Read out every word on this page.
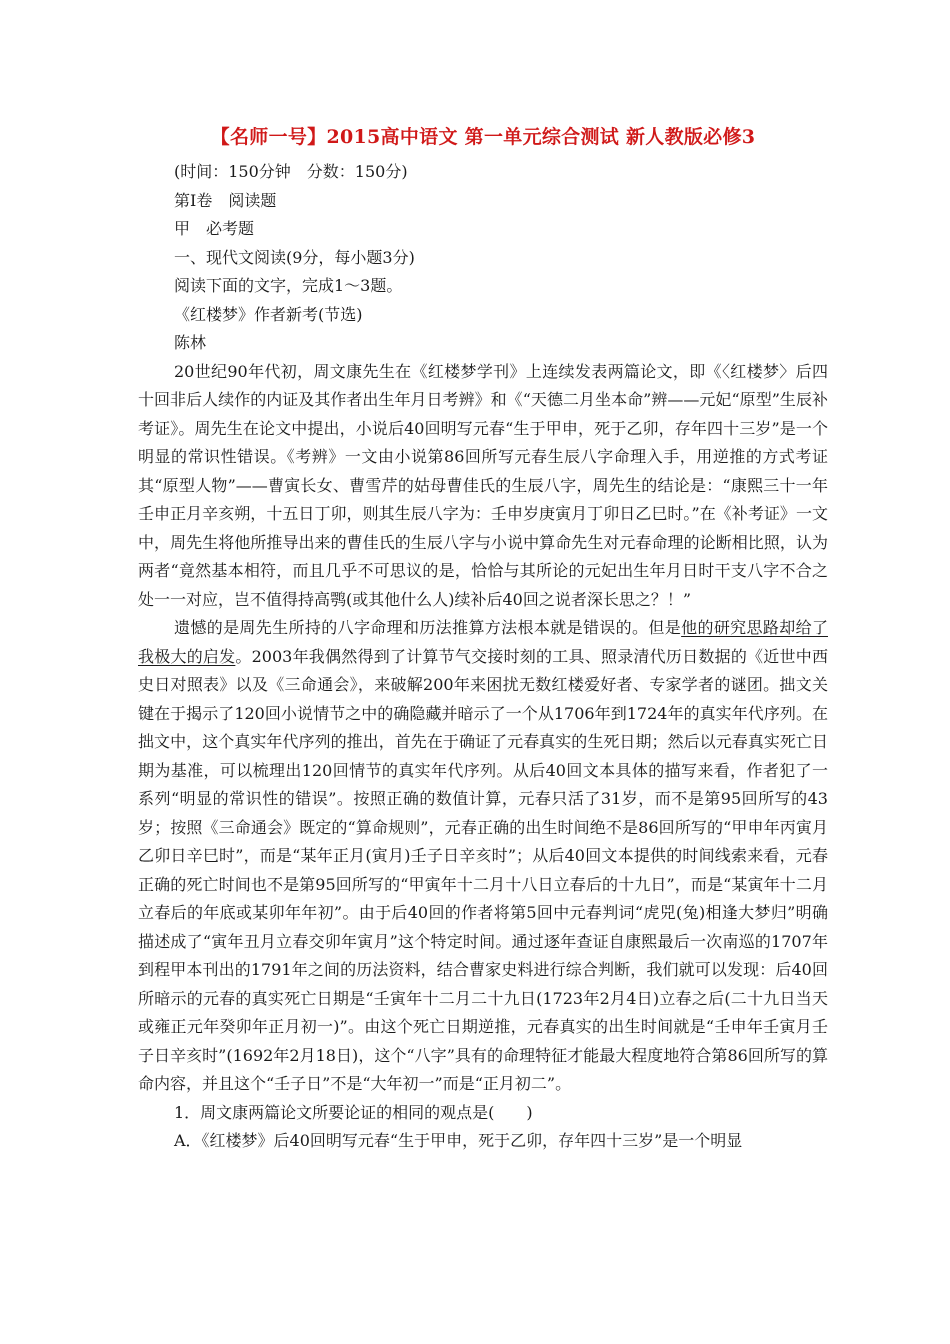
【名师一号】2015高中语文 第一单元综合测试 新人教版必修3

(时间：150分钟　分数：150分)

第Ⅰ卷　阅读题

甲　必考题

一、现代文阅读(9分，每小题3分)

阅读下面的文字，完成1～3题。

《红楼梦》作者新考(节选)

陈林

20世纪90年代初，周文康先生在《红楼梦学刊》上连续发表两篇论文，即《〈红楼梦〉后四十回非后人续作的内证及其作者出生年月日考辨》和《“天德二月坐本命”辨——元妃“原型”生辰补考证》。周先生在论文中提出，小说后40回明写元春“生于甲申，死于乙卯，存年四十三岁”是一个明显的常识性错误。《考辨》一文由小说第86回所写元春生辰八字命理入手，用逆推的方式考证其“原型人物”——曹寅长女、曹雪芹的姑母曹佳氏的生辰八字，周先生的结论是：“康熙三十一年壬申正月辛亥朔，十五日丁卯，则其生辰八字为：壬申岁庚寅月丁卯日乙巳时。”在《补考证》一文中，周先生将他所推导出来的曹佳氏的生辰八字与小说中算命先生对元春命理的论断相比照，认为两者“竟然基本相符，而且几乎不可思议的是，恰恰与其所论的元妃出生年月日时干支八字不合之处一一对应，岂不值得持高鹗(或其他什么人)续补后40回之说者深长思之？！”

遗憾的是周先生所持的八字命理和历法推算方法根本就是错误的。但是他的研究思路却给了我极大的启发。2003年我偶然得到了计算节气交接时刻的工具、照录清代历日数据的《近世中西史日对照表》以及《三命通会》，来破解200年来困扰无数红楼爱好者、专家学者的谜团。拙文关键在于揭示了120回小说情节之中的确隐藏并暗示了一个从1706年到1724年的真实年代序列。在拙文中，这个真实年代序列的推出，首先在于确证了元春真实的生死日期；然后以元春真实死亡日期为基准，可以梳理出120回情节的真实年代序列。从后40回文本具体的描写来看，作者犯了一系列“明显的常识性的错误”。按照正确的数值计算，元春只活了31岁，而不是第95回所写的43岁；按照《三命通会》既定的“算命规则”，元春正确的出生时间绝不是86回所写的“甲申年丙寅月乙卯日辛巳时”，而是“某年正月(寅月)壬子日辛亥时”；从后40回文本提供的时间线索来看，元春正确的死亡时间也不是第95回所写的“甲寅年十二月十八日立春后的十九日”，而是“某寅年十二月立春后的年底或某卯年年初”。由于后40回的作者将第5回中元春判词“虎兕(兔)相逢大梦归”明确描述成了“寅年丑月立春交卯年寅月”这个特定时间。通过逐年查证自康熙最后一次南巡的1707年到程甲本刊出的1791年之间的历法资料，结合曹家史料进行综合判断，我们就可以发现：后40回所暗示的元春的真实死亡日期是“壬寅年十二月二十九日(1723年2月4日)立春之后(二十九日当天或雍正元年癸卯年正月初一)”。由这个死亡日期逆推，元春真实的出生时间就是“壬申年壬寅月壬子日辛亥时”(1692年2月18日)，这个“八字”具有的命理特征才能最大程度地符合第86回所写的算命内容，并且这个“壬子日”不是“大年初一”而是“正月初二”。

1．周文康两篇论文所要论证的相同的观点是(　　)

A．《红楼梦》后40回明写元春“生于甲申，死于乙卯，存年四十三岁”是一个明显
